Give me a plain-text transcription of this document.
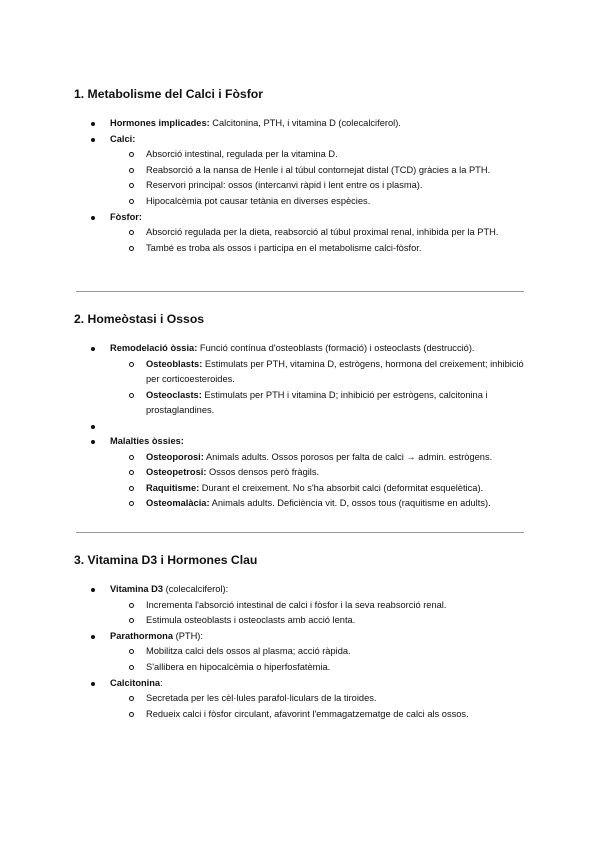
1. Metabolisme del Calci i Fòsfor
Hormones implicades: Calcitonina, PTH, i vitamina D (colecalciferol).
Calci:
Absorció intestinal, regulada per la vitamina D.
Reabsorció a la nansa de Henle i al túbul contornejat distal (TCD) gràcies a la PTH.
Reservori principal: ossos (intercanvi ràpid i lent entre os i plasma).
Hipocalcèmia pot causar tetània en diverses espècies.
Fòsfor:
Absorció regulada per la dieta, reabsorció al túbul proximal renal, inhibida per la PTH.
També es troba als ossos i participa en el metabolisme calci-fòsfor.
2. Homeòstasi i Ossos
Remodelació òssia: Funció contínua d'osteoblasts (formació) i osteoclasts (destrucció).
Osteoblasts: Estimulats per PTH, vitamina D, estrògens, hormona del creixement; inhibició per corticoesteroides.
Osteoclasts: Estimulats per PTH i vitamina D; inhibició per estrògens, calcitonina i prostaglandines.
Malalties òssies:
Osteoporosi: Animals adults. Ossos porosos per falta de calci → admin. estrògens.
Osteopetrosi: Ossos densos però fràgils.
Raquitisme: Durant el creixement. No s'ha absorbit calci (deformitat esquelètica).
Osteomalàcia: Animals adults. Deficiència vit. D, ossos tous (raquitisme en adults).
3. Vitamina D3 i Hormones Clau
Vitamina D3 (colecalciferol):
Incrementa l'absorció intestinal de calci i fòsfor i la seva reabsorció renal.
Estimula osteoblasts i osteoclasts amb acció lenta.
Parathormona (PTH):
Mobilitza calci dels ossos al plasma; acció ràpida.
S'allibera en hipocalcèmia o hiperfosfatèmia.
Calcitonina:
Secretada per les cèl·lules parafol·liculars de la tiroides.
Redueix calci i fòsfor circulant, afavorint l'emmagatzematge de calci als ossos.
